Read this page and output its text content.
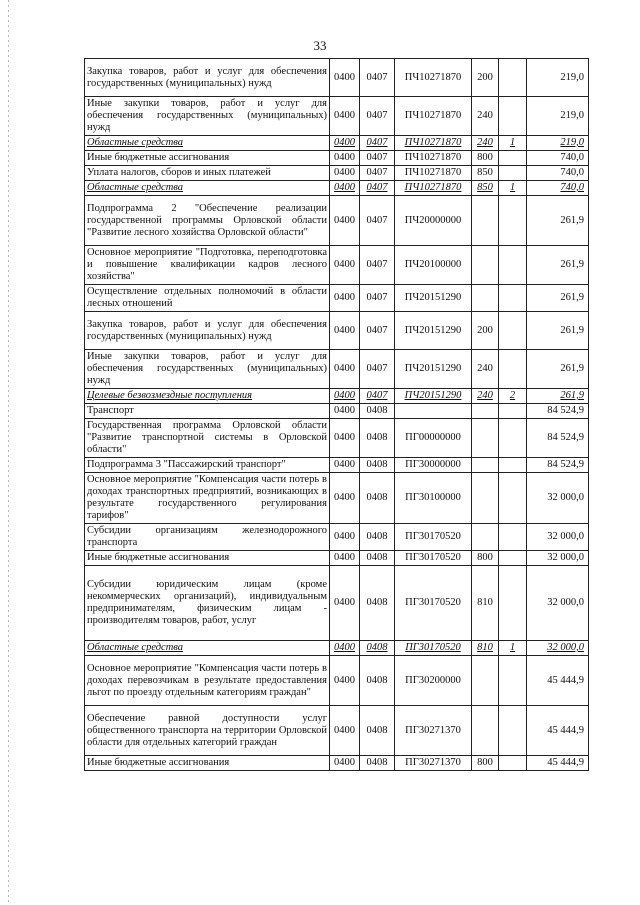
33
Закупка товаров, работ и услуг для обеспечения государственных (муниципальных) нужд	0400	0407	ПЧ10271870	200		219,0
Иные закупки товаров, работ и услуг для обеспечения государственных (муниципальных) нужд	0400	0407	ПЧ10271870	240		219,0
Областные средства	0400	0407	ПЧ10271870	240	1	219,0
Иные бюджетные ассигнования	0400	0407	ПЧ10271870	800		740,0
Уплата налогов, сборов и иных платежей	0400	0407	ПЧ10271870	850		740,0
Областные средства	0400	0407	ПЧ10271870	850	1	740,0
Подпрограмма 2 "Обеспечение реализации государственной программы Орловской области "Развитие лесного хозяйства Орловской области"	0400	0407	ПЧ20000000			261,9
Основное мероприятие "Подготовка, переподготовка и повышение квалификации кадров лесного хозяйства"	0400	0407	ПЧ20100000			261,9
Осуществление отдельных полномочий в области лесных отношений	0400	0407	ПЧ20151290			261,9
Закупка товаров, работ и услуг для обеспечения государственных (муниципальных) нужд	0400	0407	ПЧ20151290	200		261,9
Иные закупки товаров, работ и услуг для обеспечения государственных (муниципальных) нужд	0400	0407	ПЧ20151290	240		261,9
Целевые безвозмездные поступления	0400	0407	ПЧ20151290	240	2	261,9
Транспорт	0400	0408				84 524,9
Государственная программа Орловской области "Развитие транспортной системы в Орловской области"	0400	0408	ПГ00000000			84 524,9
Подпрограмма 3 "Пассажирский транспорт"	0400	0408	ПГ30000000			84 524,9
Основное мероприятие "Компенсация части потерь в доходах транспортных предприятий, возникающих в результате государственного регулирования тарифов"	0400	0408	ПГ30100000			32 000,0
Субсидии организациям железнодорожного транспорта	0400	0408	ПГ30170520			32 000,0
Иные бюджетные ассигнования	0400	0408	ПГ30170520	800		32 000,0
Субсидии юридическим лицам (кроме некоммерческих организаций), индивидуальным предпринимателям, физическим лицам - производителям товаров, работ, услуг	0400	0408	ПГ30170520	810		32 000,0
Областные средства	0400	0408	ПГ30170520	810	1	32 000,0
Основное мероприятие "Компенсация части потерь в доходах перевозчикам в результате предоставления льгот по проезду отдельным категориям граждан"	0400	0408	ПГ30200000			45 444,9
Обеспечение равной доступности услуг общественного транспорта на территории Орловской области для отдельных категорий граждан	0400	0408	ПГ30271370			45 444,9
Иные бюджетные ассигнования	0400	0408	ПГ30271370	800		45 444,9
